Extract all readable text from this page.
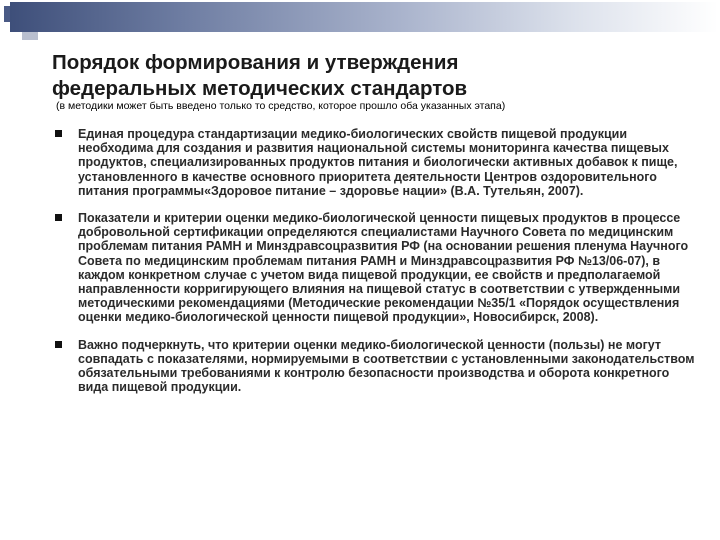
Порядок формирования и утверждения
федеральных методических стандартов
(в методики может быть введено только то средство, которое прошло оба указанных этапа)
Единая процедура стандартизации медико-биологических свойств пищевой продукции необходима для создания и развития национальной системы мониторинга качества пищевых продуктов, специализированных продуктов питания и биологически активных добавок к пище, установленного в качестве основного приоритета деятельности Центров оздоровительного питания программы«Здоровое питание – здоровье нации» (В.А. Тутельян, 2007).
Показатели и критерии оценки медико-биологической ценности пищевых продуктов в процессе добровольной сертификации определяются специалистами Научного Совета по медицинским проблемам питания РАМН и Минздравсоцразвития РФ (на основании решения пленума Научного Совета по медицинским проблемам питания РАМН и Минздравсоцразвития РФ №13/06-07), в каждом конкретном случае с учетом вида пищевой продукции, ее свойств и предполагаемой направленности корригирующего влияния на пищевой статус в соответствии с утвержденными методическими рекомендациями (Методические рекомендации №35/1 «Порядок осуществления оценки медико-биологической ценности пищевой продукции», Новосибирск, 2008).
Важно подчеркнуть, что критерии оценки медико-биологической ценности (пользы) не могут совпадать с показателями, нормируемыми в соответствии с установленными законодательством обязательными требованиями к контролю безопасности производства и оборота конкретного вида пищевой продукции.
